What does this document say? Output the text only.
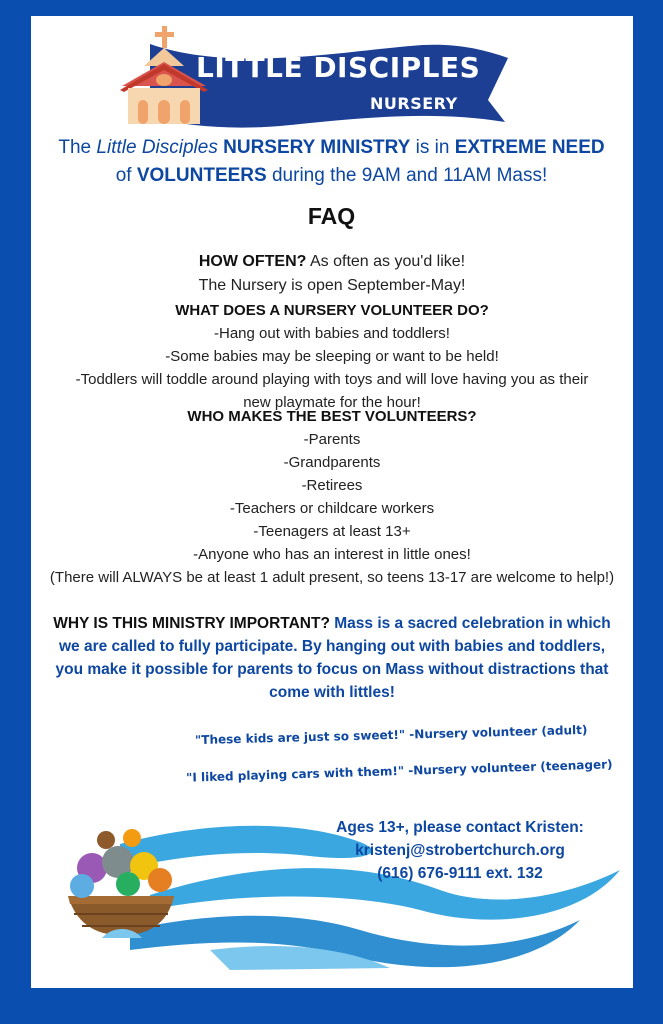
LITTLE DISCIPLES
NURSERY
The Little Disciples NURSERY MINISTRY is in EXTREME NEED
of VOLUNTEERS during the 9AM and 11AM Mass!
FAQ
HOW OFTEN? As often as you'd like!
The Nursery is open September-May!
WHAT DOES A NURSERY VOLUNTEER DO?
-Hang out with babies and toddlers!
-Some babies may be sleeping or want to be held!
-Toddlers will toddle around playing with toys and will love having you as their new playmate for the hour!
WHO MAKES THE BEST VOLUNTEERS?
-Parents
-Grandparents
-Retirees
-Teachers or childcare workers
-Teenagers at least 13+
-Anyone who has an interest in little ones!
(There will ALWAYS be at least 1 adult present, so teens 13-17 are welcome to help!)
WHY IS THIS MINISTRY IMPORTANT? Mass is a sacred celebration in which we are called to fully participate. By hanging out with babies and toddlers, you make it possible for parents to focus on Mass without distractions that come with littles!
"These kids are just so sweet!" -Nursery volunteer (adult)
"I liked playing cars with them!" -Nursery volunteer (teenager)
Ages 13+, please contact Kristen:
kristenj@strobertchurch.org
(616) 676-9111 ext. 132
